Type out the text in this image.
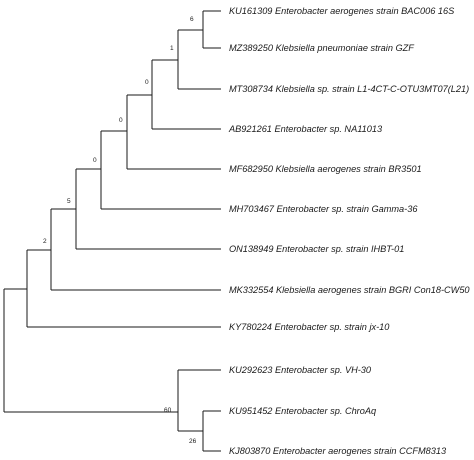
6
1
0
0
0
5
2
60
26
KU161309 Enterobacter aerogenes strain BAC006 16S
MZ389250 Klebsiella pneumoniae strain GZF
MT308734 Klebsiella sp. strain L1-4CT-C-OTU3MT07(L21)
AB921261 Enterobacter sp. NA11013
MF682950 Klebsiella aerogenes strain BR3501
MH703467 Enterobacter sp. strain Gamma-36
ON138949 Enterobacter sp. strain IHBT-01
MK332554 Klebsiella aerogenes strain BGRI Con18-CW50
KY780224 Enterobacter sp. strain jx-10
KU292623 Enterobacter sp. VH-30
KU951452 Enterobacter sp. ChroAq
KJ803870 Enterobacter aerogenes strain CCFM8313
